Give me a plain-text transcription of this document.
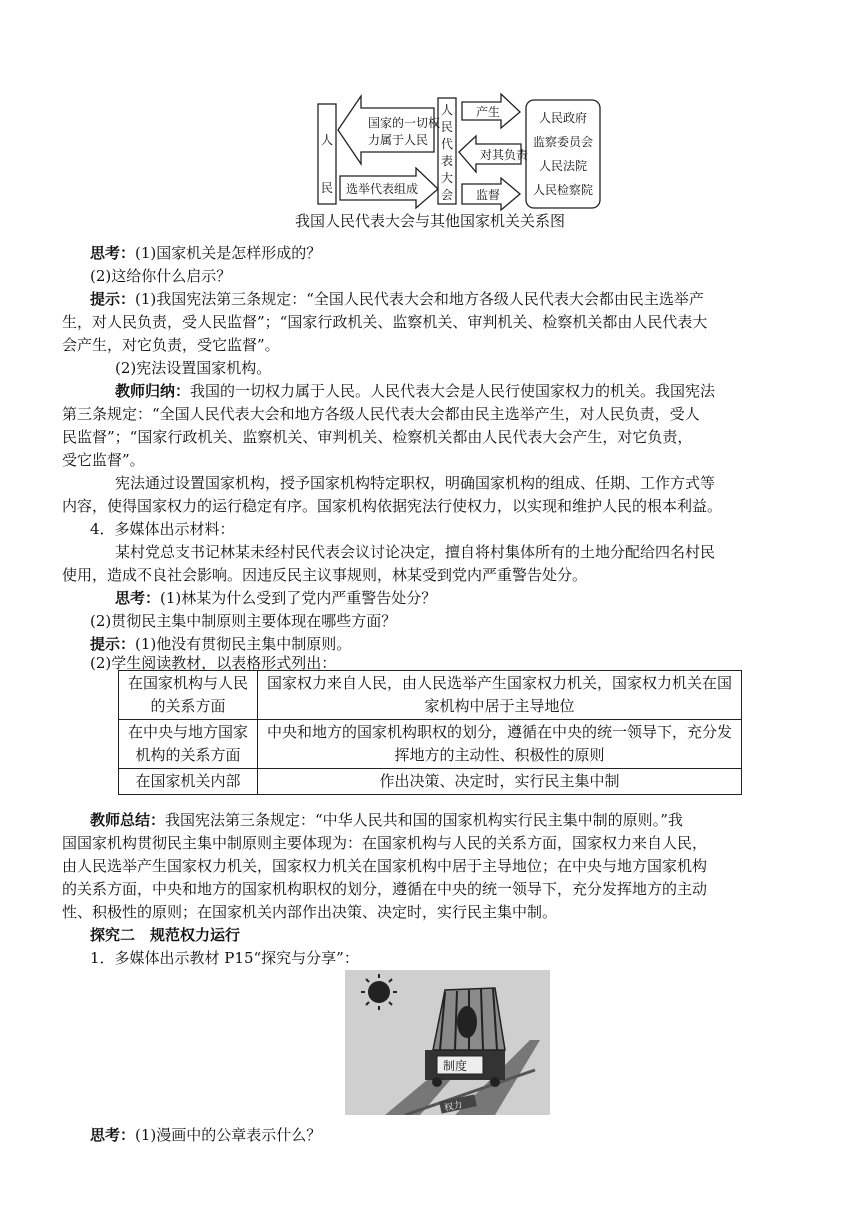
人
民
国家的一切权
力属于人民
选举代表组成
人
民
代
表
大
会
产生
对其负责
监督
人民政府
监察委员会
人民法院
人民检察院
我国人民代表大会与其他国家机关关系图
思考：(1)国家机关是怎样形成的？
(2)这给你什么启示？
提示：(1)我国宪法第三条规定：“全国人民代表大会和地方各级人民代表大会都由民主选举产
生，对人民负责，受人民监督”；“国家行政机关、监察机关、审判机关、检察机关都由人民代表大
会产生，对它负责，受它监督”。
(2)宪法设置国家机构。
教师归纳：我国的一切权力属于人民。人民代表大会是人民行使国家权力的机关。我国宪法
第三条规定：“全国人民代表大会和地方各级人民代表大会都由民主选举产生，对人民负责，受人
民监督”；“国家行政机关、监察机关、审判机关、检察机关都由人民代表大会产生，对它负责，
受它监督”。
宪法通过设置国家机构，授予国家机构特定职权，明确国家机构的组成、任期、工作方式等
内容，使得国家权力的运行稳定有序。国家机构依据宪法行使权力，以实现和维护人民的根本利益。
4．多媒体出示材料：
某村党总支书记林某未经村民代表会议讨论决定，擅自将村集体所有的土地分配给四名村民
使用，造成不良社会影响。因违反民主议事规则，林某受到党内严重警告处分。
思考：(1)林某为什么受到了党内严重警告处分？
(2)贯彻民主集中制原则主要体现在哪些方面？
提示：(1)他没有贯彻民主集中制原则。
(2)学生阅读教材，以表格形式列出：
在国家机构与人民的关系方面	国家权力来自人民，由人民选举产生国家权力机关，国家权力机关在国家机构中居于主导地位
在中央与地方国家机构的关系方面	中央和地方的国家机构职权的划分，遵循在中央的统一领导下，充分发挥地方的主动性、积极性的原则
在国家机关内部	作出决策、决定时，实行民主集中制
教师总结：我国宪法第三条规定：“中华人民共和国的国家机构实行民主集中制的原则。”我
国国家机构贯彻民主集中制原则主要体现为：在国家机构与人民的关系方面，国家权力来自人民，
由人民选举产生国家权力机关，国家权力机关在国家机构中居于主导地位；在中央与地方国家机构
的关系方面，中央和地方的国家机构职权的划分，遵循在中央的统一领导下，充分发挥地方的主动
性、积极性的原则；在国家机关内部作出决策、决定时，实行民主集中制。
探究二　规范权力运行
1．多媒体出示教材 P15“探究与分享”：
制度
权力
思考：(1)漫画中的公章表示什么？
